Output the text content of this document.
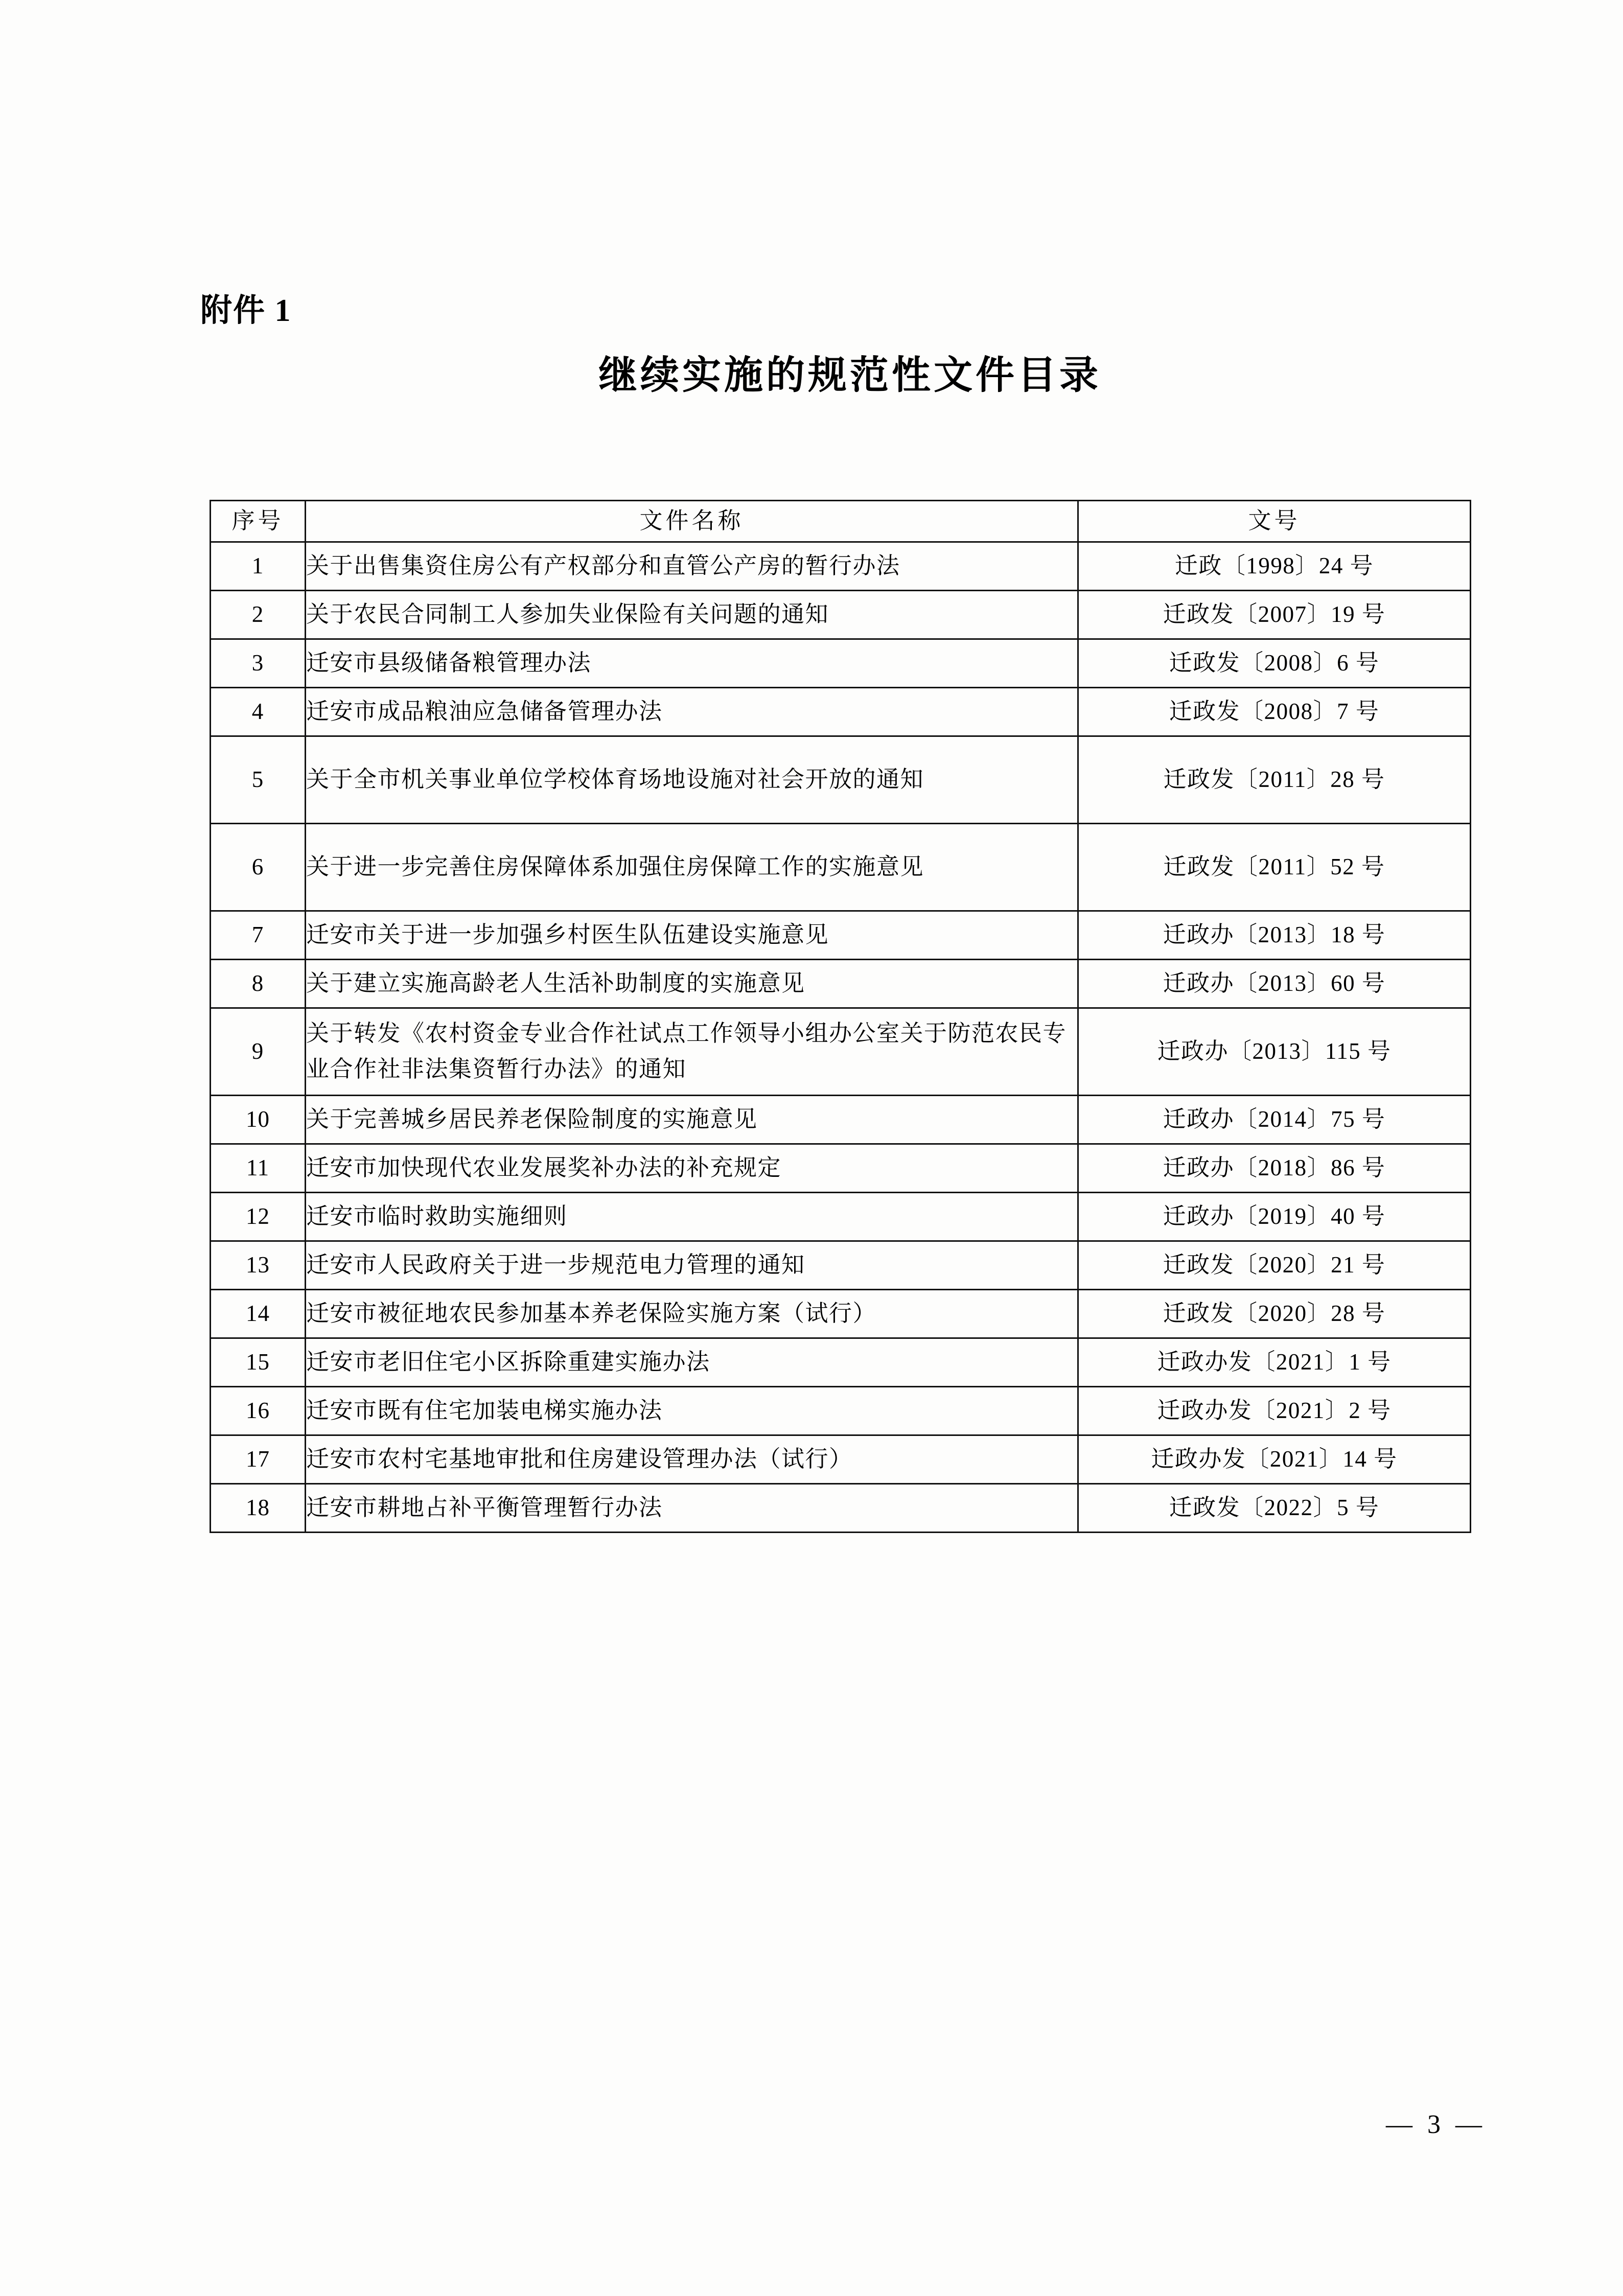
附件 1
继续实施的规范性文件目录
序号	文件名称	文号
1	关于出售集资住房公有产权部分和直管公产房的暂行办法	迁政〔1998〕24 号
2	关于农民合同制工人参加失业保险有关问题的通知	迁政发〔2007〕19 号
3	迁安市县级储备粮管理办法	迁政发〔2008〕6 号
4	迁安市成品粮油应急储备管理办法	迁政发〔2008〕7 号
5	关于全市机关事业单位学校体育场地设施对社会开放的通知	迁政发〔2011〕28 号
6	关于进一步完善住房保障体系加强住房保障工作的实施意见	迁政发〔2011〕52 号
7	迁安市关于进一步加强乡村医生队伍建设实施意见	迁政办〔2013〕18 号
8	关于建立实施高龄老人生活补助制度的实施意见	迁政办〔2013〕60 号
9	关于转发《农村资金专业合作社试点工作领导小组办公室关于防范农民专业合作社非法集资暂行办法》的通知	迁政办〔2013〕115 号
10	关于完善城乡居民养老保险制度的实施意见	迁政办〔2014〕75 号
11	迁安市加快现代农业发展奖补办法的补充规定	迁政办〔2018〕86 号
12	迁安市临时救助实施细则	迁政办〔2019〕40 号
13	迁安市人民政府关于进一步规范电力管理的通知	迁政发〔2020〕21 号
14	迁安市被征地农民参加基本养老保险实施方案（试行）	迁政发〔2020〕28 号
15	迁安市老旧住宅小区拆除重建实施办法	迁政办发〔2021〕1 号
16	迁安市既有住宅加装电梯实施办法	迁政办发〔2021〕2 号
17	迁安市农村宅基地审批和住房建设管理办法（试行）	迁政办发〔2021〕14 号
18	迁安市耕地占补平衡管理暂行办法	迁政发〔2022〕5 号
— 3 —
